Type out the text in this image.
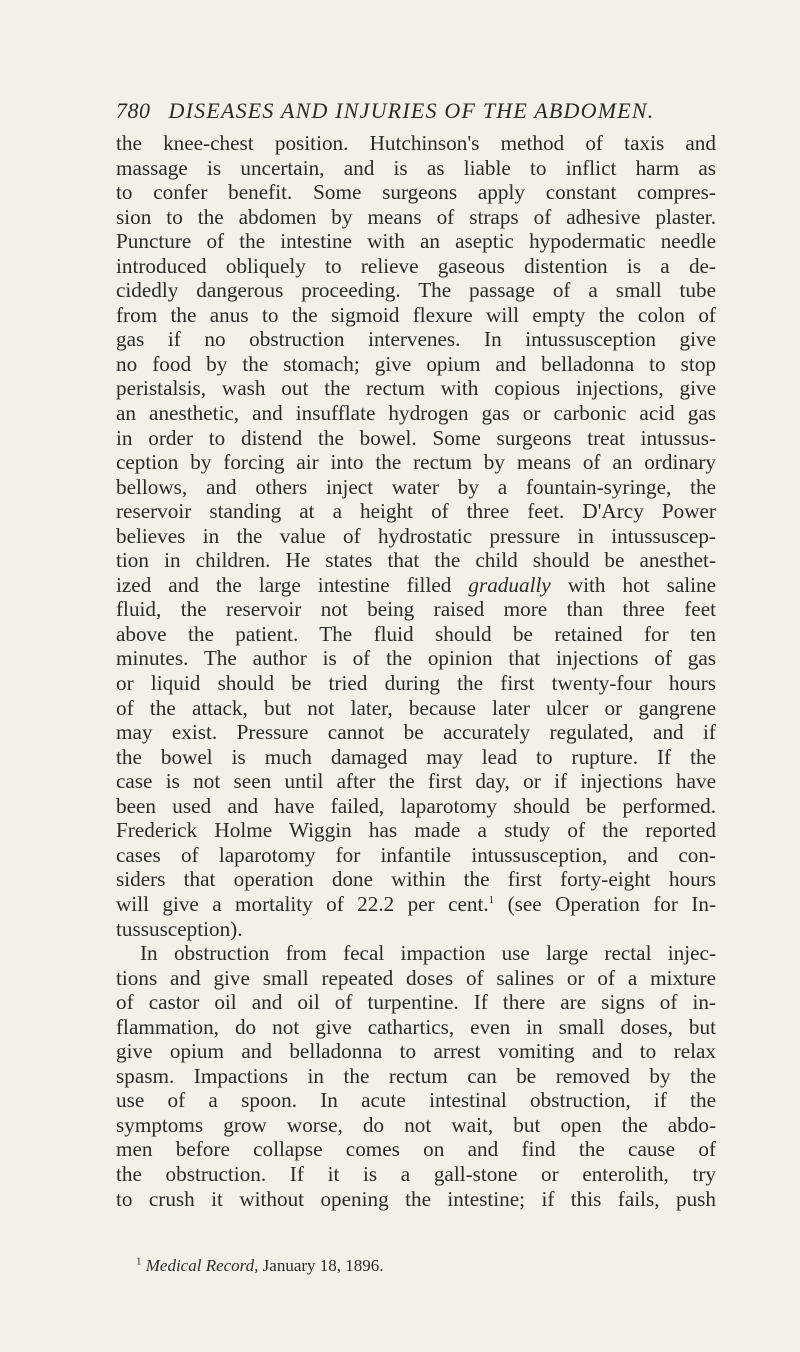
780 DISEASES AND INJURIES OF THE ABDOMEN.
the knee-chest position. Hutchinson's method of taxis and
massage is uncertain, and is as liable to inflict harm as
to confer benefit. Some surgeons apply constant compres-
sion to the abdomen by means of straps of adhesive plaster.
Puncture of the intestine with an aseptic hypodermatic needle
introduced obliquely to relieve gaseous distention is a de-
cidedly dangerous proceeding. The passage of a small tube
from the anus to the sigmoid flexure will empty the colon of
gas if no obstruction intervenes. In intussusception give
no food by the stomach; give opium and belladonna to stop
peristalsis, wash out the rectum with copious injections, give
an anesthetic, and insufflate hydrogen gas or carbonic acid gas
in order to distend the bowel. Some surgeons treat intussus-
ception by forcing air into the rectum by means of an ordinary
bellows, and others inject water by a fountain-syringe, the
reservoir standing at a height of three feet. D'Arcy Power
believes in the value of hydrostatic pressure in intussuscep-
tion in children. He states that the child should be anesthet-
ized and the large intestine filled gradually with hot saline
fluid, the reservoir not being raised more than three feet
above the patient. The fluid should be retained for ten
minutes. The author is of the opinion that injections of gas
or liquid should be tried during the first twenty-four hours
of the attack, but not later, because later ulcer or gangrene
may exist. Pressure cannot be accurately regulated, and if
the bowel is much damaged may lead to rupture. If the
case is not seen until after the first day, or if injections have
been used and have failed, laparotomy should be performed.
Frederick Holme Wiggin has made a study of the reported
cases of laparotomy for infantile intussusception, and con-
siders that operation done within the first forty-eight hours
will give a mortality of 22.2 per cent.$^1$ (see Operation for In-
tussusception).
In obstruction from fecal impaction use large rectal injec-
tions and give small repeated doses of salines or of a mixture
of castor oil and oil of turpentine. If there are signs of in-
flammation, do not give cathartics, even in small doses, but
give opium and belladonna to arrest vomiting and to relax
spasm. Impactions in the rectum can be removed by the
use of a spoon. In acute intestinal obstruction, if the
symptoms grow worse, do not wait, but open the abdo-
men before collapse comes on and find the cause of
the obstruction. If it is a gall-stone or enterolith, try
to crush it without opening the intestine; if this fails, push
$^1$ Medical Record, January 18, 1896.
